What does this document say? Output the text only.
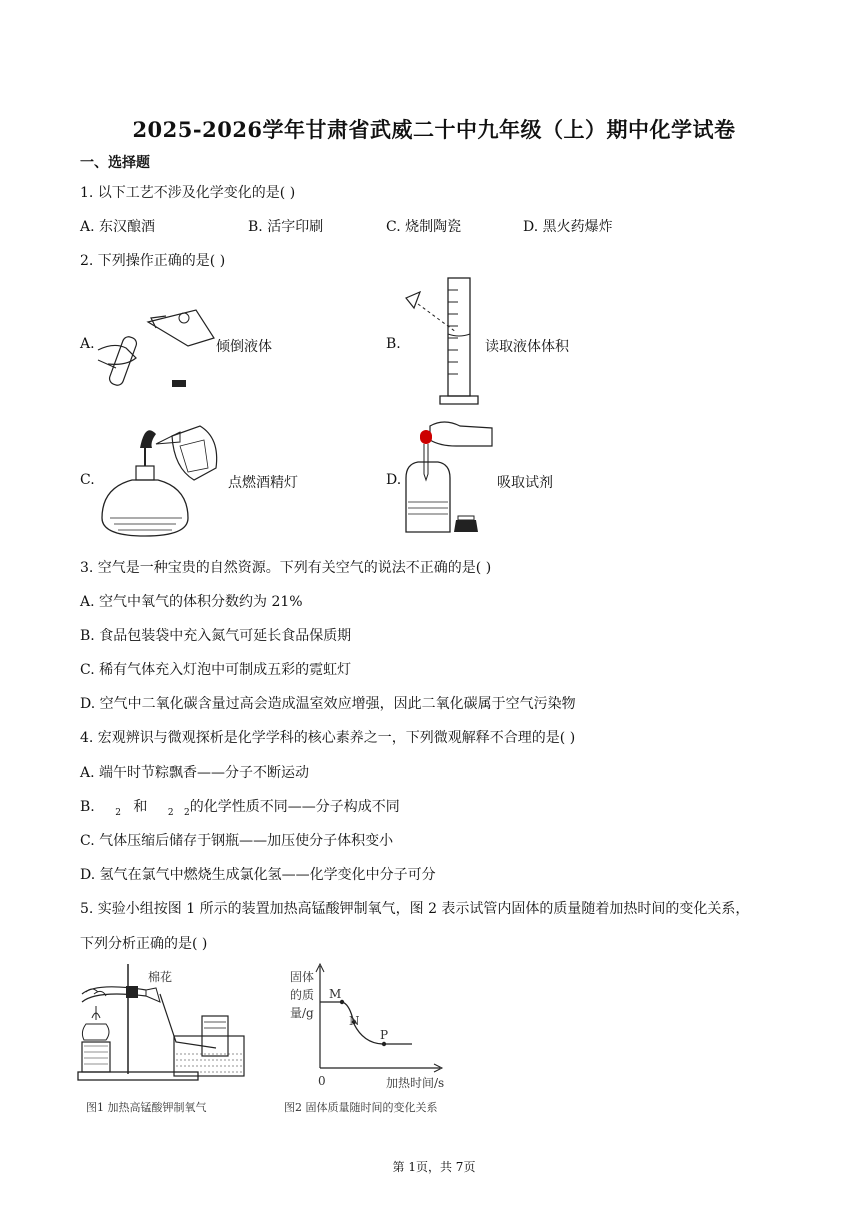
2025-2026学年甘肃省武威二十中九年级（上）期中化学试卷
一、选择题
1. 以下工艺不涉及化学变化的是( )
A. 东汉酿酒	B. 活字印刷	C. 烧制陶瓷	D. 黑火药爆炸
2. 下列操作正确的是( )
A.	倾倒液体	B.	读取液体体积
C.	点燃酒精灯	D.	吸取试剂
3. 空气是一种宝贵的自然资源。下列有关空气的说法不正确的是( )
A. 空气中氧气的体积分数约为 21%
B. 食品包装袋中充入氮气可延长食品保质期
C. 稀有气体充入灯泡中可制成五彩的霓虹灯
D. 空气中二氧化碳含量过高会造成温室效应增强，因此二氧化碳属于空气污染物
4. 宏观辨识与微观探析是化学学科的核心素养之一，下列微观解释不合理的是( )
A. 端午时节粽飘香——分子不断运动
B. $_2$ 和 $_2$ $_2$的化学性质不同——分子构成不同
C. 气体压缩后储存于钢瓶——加压使分子体积变小
D. 氢气在氯气中燃烧生成氯化氢——化学变化中分子可分
5. 实验小组按图 1 所示的装置加热高锰酸钾制氧气，图 2 表示试管内固体的质量随着加热时间的变化关系，
下列分析正确的是( )
棉花
图1 加热高锰酸钾制氧气
固体
的质
量/g
M
N
P
0	加热时间/s
图2 固体质量随时间的变化关系
第 1页，共 7页
